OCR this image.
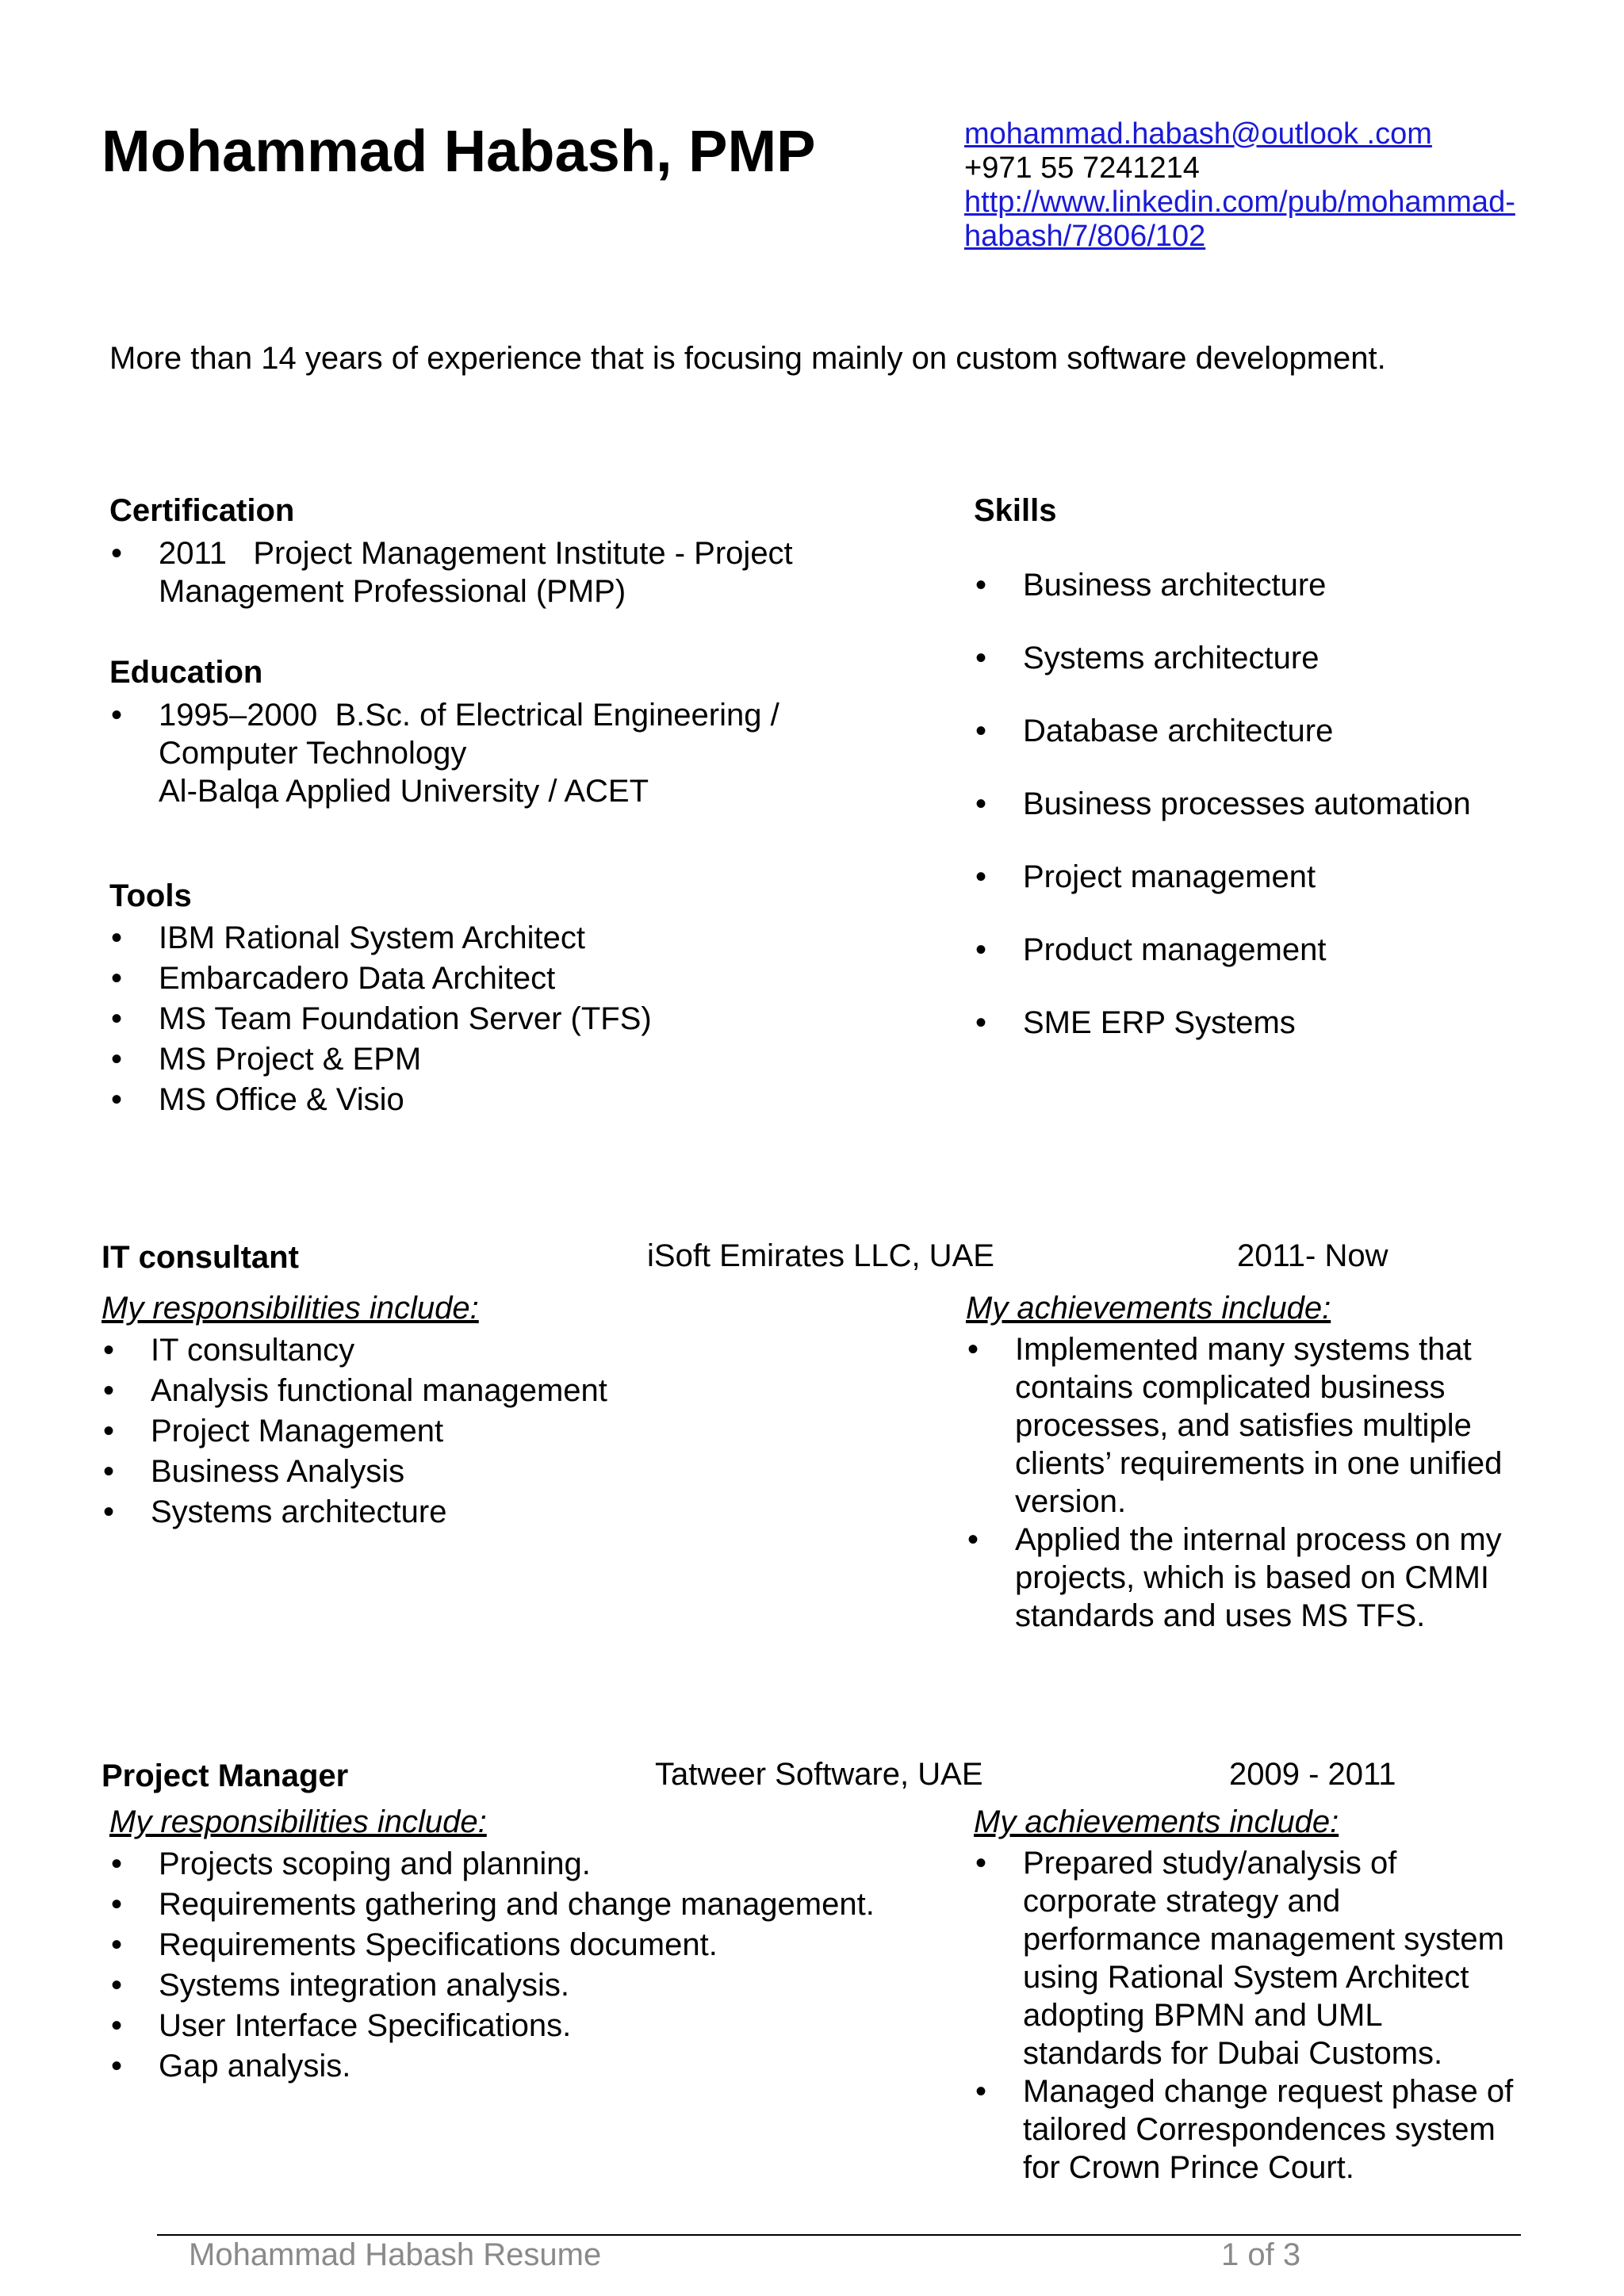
Mohammad Habash, PMP	mohammad.habash@outlook .com
+971 55 7241214
http://www.linkedin.com/pub/mohammad-
habash/7/806/102
More than 14 years of experience that is focusing mainly on custom software development.
Certification
• 2011 Project Management Institute - Project
Management Professional (PMP)
Education
• 1995–2000 B.Sc. of Electrical Engineering /
Computer Technology
Al-Balqa Applied University / ACET
Tools
• IBM Rational System Architect
• Embarcadero Data Architect
• MS Team Foundation Server (TFS)
• MS Project & EPM
• MS Office & Visio
Skills
• Business architecture
• Systems architecture
• Database architecture
• Business processes automation
• Project management
• Product management
• SME ERP Systems
IT consultant	iSoft Emirates LLC, UAE	2011- Now
My responsibilities include:
• IT consultancy
• Analysis functional management
• Project Management
• Business Analysis
• Systems architecture
My achievements include:
• Implemented many systems that
contains complicated business
processes, and satisfies multiple
clients’ requirements in one unified
version.
• Applied the internal process on my
projects, which is based on CMMI
standards and uses MS TFS.
Project Manager	Tatweer Software, UAE	2009 - 2011
My responsibilities include:
• Projects scoping and planning.
• Requirements gathering and change management.
• Requirements Specifications document.
• Systems integration analysis.
• User Interface Specifications.
• Gap analysis.
My achievements include:
• Prepared study/analysis of
corporate strategy and
performance management system
using Rational System Architect
adopting BPMN and UML
standards for Dubai Customs.
• Managed change request phase of
tailored Correspondences system
for Crown Prince Court.
Mohammad Habash Resume	1 of 3
